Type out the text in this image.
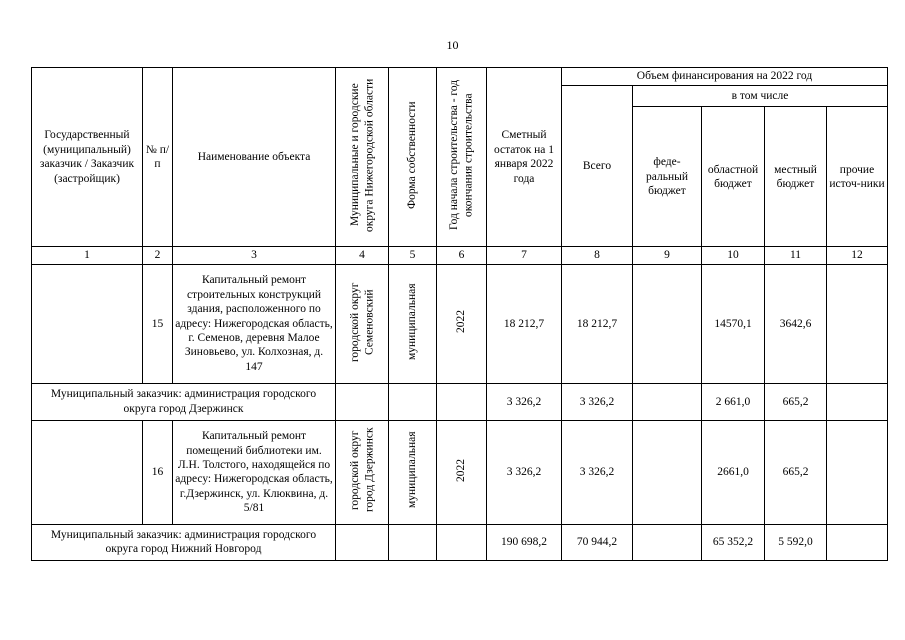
10
Государственный (муниципальный) заказчик / Заказчик (застройщик)	№ п/п	Наименование объекта	Муниципальные и городские округа Нижегородской области	Форма собственности	Год начала строительства - год окончания строительства	Сметный остаток на 1 января 2022 года	Объем финансирования на 2022 год				
							Всего	в том числе			
								феде-ральный бюджет	областной бюджет	местный бюджет	прочие источ-ники
1	2	3	4	5	6	7	8	9	10	11	12
	15	Капитальный ремонт строительных конструкций здания, расположенного по адресу: Нижегородская область, г. Семенов, деревня Малое Зиновьево, ул. Колхозная, д. 147	городской округ Семеновский	муниципальная	2022	18 212,7	18 212,7		14570,1	3642,6	
Муниципальный заказчик: администрация городского округа город Дзержинск						3 326,2	3 326,2		2 661,0	665,2	
	16	Капитальный ремонт помещений библиотеки им. Л.Н. Толстого, находящейся по адресу: Нижегородская область, г.Дзержинск, ул. Клюквина, д. 5/81	городской округ город Дзержинск	муниципальная	2022	3 326,2	3 326,2		2661,0	665,2	
Муниципальный заказчик: администрация городского округа город Нижний Новгород						190 698,2	70 944,2		65 352,2	5 592,0	
